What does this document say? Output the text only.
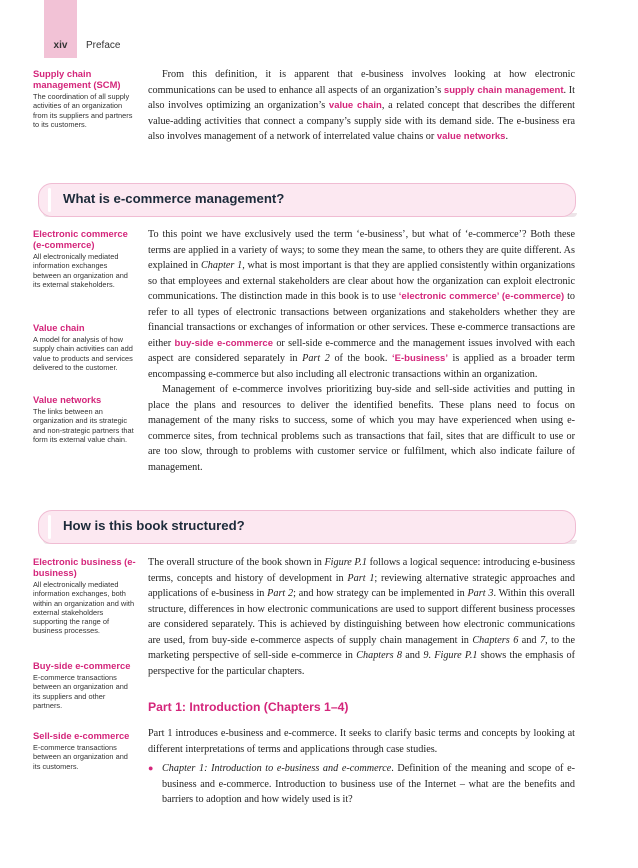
xiv	Preface
Supply chain management (SCM)
The coordination of all supply activities of an organization from its suppliers and partners to its customers.
Electronic commerce (e-commerce)
All electronically mediated information exchanges between an organization and its external stakeholders.
Value chain
A model for analysis of how supply chain activities can add value to products and services delivered to the customer.
Value networks
The links between an organization and its strategic and non-strategic partners that form its external value chain.
Electronic business (e-business)
All electronically mediated information exchanges, both within an organization and with external stakeholders supporting the range of business processes.
Buy-side e-commerce
E-commerce transactions between an organization and its suppliers and other partners.
Sell-side e-commerce
E-commerce transactions between an organization and its customers.

From this definition, it is apparent that e-business involves looking at how electronic communications can be used to enhance all aspects of an organization’s supply chain management. It also involves optimizing an organization’s value chain, a related concept that describes the different value-adding activities that connect a company’s supply side with its demand side. The e-business era also involves management of a network of interrelated value chains or value networks.

What is e-commerce management?

To this point we have exclusively used the term ‘e-business’, but what of ‘e-commerce’? Both these terms are applied in a variety of ways; to some they mean the same, to others they are quite different. As explained in Chapter 1, what is most important is that they are applied consistently within organizations so that employees and external stakeholders are clear about how the organization can exploit electronic communications. The distinction made in this book is to use ‘electronic commerce’ (e-commerce) to refer to all types of electronic transactions between organizations and stakeholders whether they are financial transactions or exchanges of information or other services. These e-commerce transactions are either buy-side e-commerce or sell-side e-commerce and the management issues involved with each aspect are considered separately in Part 2 of the book. ‘E-business’ is applied as a broader term encompassing e-commerce but also including all electronic transactions within an organization.

Management of e-commerce involves prioritizing buy-side and sell-side activities and putting in place the plans and resources to deliver the identified benefits. These plans need to focus on management of the many risks to success, some of which you may have experienced when using e-commerce sites, from technical problems such as transactions that fail, sites that are difficult to use or are too slow, through to problems with customer service or fulfilment, which also indicate failure of management.

How is this book structured?

The overall structure of the book shown in Figure P.1 follows a logical sequence: introducing e-business terms, concepts and history of development in Part 1; reviewing alternative strategic approaches and applications of e-business in Part 2; and how strategy can be implemented in Part 3. Within this overall structure, differences in how electronic communications are used to support different business processes are considered separately. This is achieved by distinguishing between how electronic communications are used, from buy-side e-commerce aspects of supply chain management in Chapters 6 and 7, to the marketing perspective of sell-side e-commerce in Chapters 8 and 9. Figure P.1 shows the emphasis of perspective for the particular chapters.

Part 1: Introduction (Chapters 1–4)

Part 1 introduces e-business and e-commerce. It seeks to clarify basic terms and concepts by looking at different interpretations of terms and applications through case studies.

● Chapter 1: Introduction to e-business and e-commerce. Definition of the meaning and scope of e-business and e-commerce. Introduction to business use of the Internet – what are the benefits and barriers to adoption and how widely used is it?
